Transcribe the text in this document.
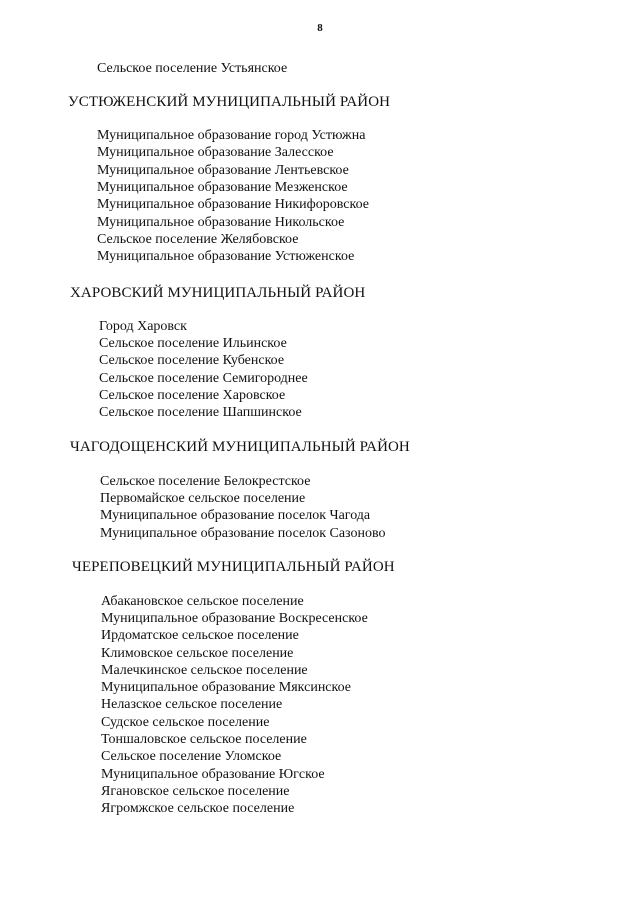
8
Сельское поселение Устьянское
УСТЮЖЕНСКИЙ МУНИЦИПАЛЬНЫЙ РАЙОН
Муниципальное образование город Устюжна
Муниципальное образование Залесское
Муниципальное образование Лентьевское
Муниципальное образование Мезженское
Муниципальное образование Никифоровское
Муниципальное образование Никольское
Сельское поселение Желябовское
Муниципальное образование Устюженское
ХАРОВСКИЙ МУНИЦИПАЛЬНЫЙ РАЙОН
Город Харовск
Сельское поселение Ильинское
Сельское поселение Кубенское
Сельское поселение Семигороднее
Сельское поселение Харовское
Сельское поселение Шапшинское
ЧАГОДОЩЕНСКИЙ МУНИЦИПАЛЬНЫЙ РАЙОН
Сельское поселение Белокрестское
Первомайское сельское поселение
Муниципальное образование поселок Чагода
Муниципальное образование поселок Сазоново
ЧЕРЕПОВЕЦКИЙ МУНИЦИПАЛЬНЫЙ РАЙОН
Абакановское сельское поселение
Муниципальное образование Воскресенское
Ирдоматское сельское поселение
Климовское сельское поселение
Малечкинское сельское поселение
Муниципальное образование Мяксинское
Нелазское сельское поселение
Судское сельское поселение
Тоншаловское сельское поселение
Сельское поселение Уломское
Муниципальное образование Югское
Ягановское сельское поселение
Ягромжское сельское поселение
